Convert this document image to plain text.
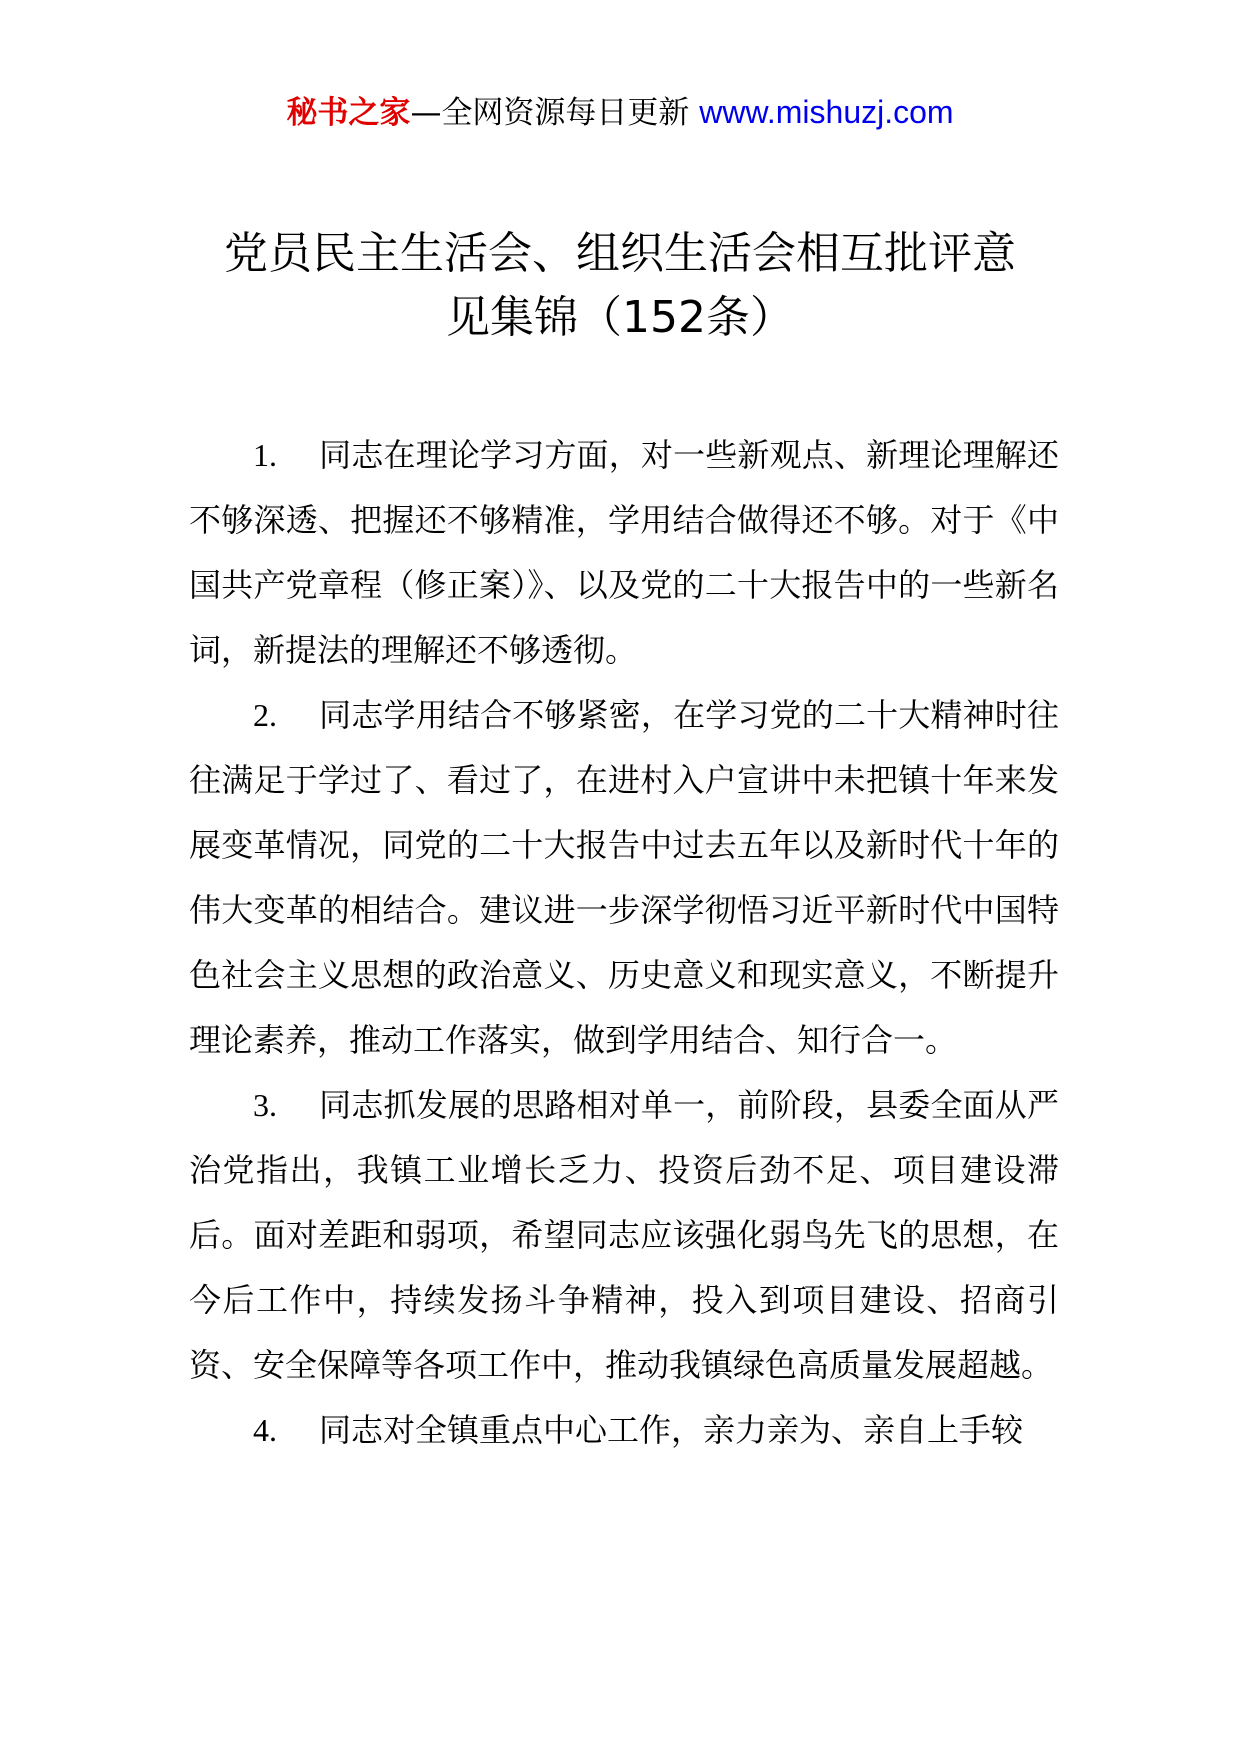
秘书之家—全网资源每日更新 www.mishuzj.com
党员民主生活会、组织生活会相互批评意
见集锦（152条）

1. 同志在理论学习方面，对一些新观点、新理论理解还不够深透、把握还不够精准，学用结合做得还不够。对于《中国共产党章程（修正案）》、以及党的二十大报告中的一些新名词，新提法的理解还不够透彻。

2. 同志学用结合不够紧密，在学习党的二十大精神时往往满足于学过了、看过了，在进村入户宣讲中未把镇十年来发展变革情况，同党的二十大报告中过去五年以及新时代十年的伟大变革的相结合。建议进一步深学彻悟习近平新时代中国特色社会主义思想的政治意义、历史意义和现实意义，不断提升理论素养，推动工作落实，做到学用结合、知行合一。

3. 同志抓发展的思路相对单一，前阶段，县委全面从严治党指出，我镇工业增长乏力、投资后劲不足、项目建设滞后。面对差距和弱项，希望同志应该强化弱鸟先飞的思想，在今后工作中，持续发扬斗争精神，投入到项目建设、招商引资、安全保障等各项工作中，推动我镇绿色高质量发展超越。

4. 同志对全镇重点中心工作，亲力亲为、亲自上手较
